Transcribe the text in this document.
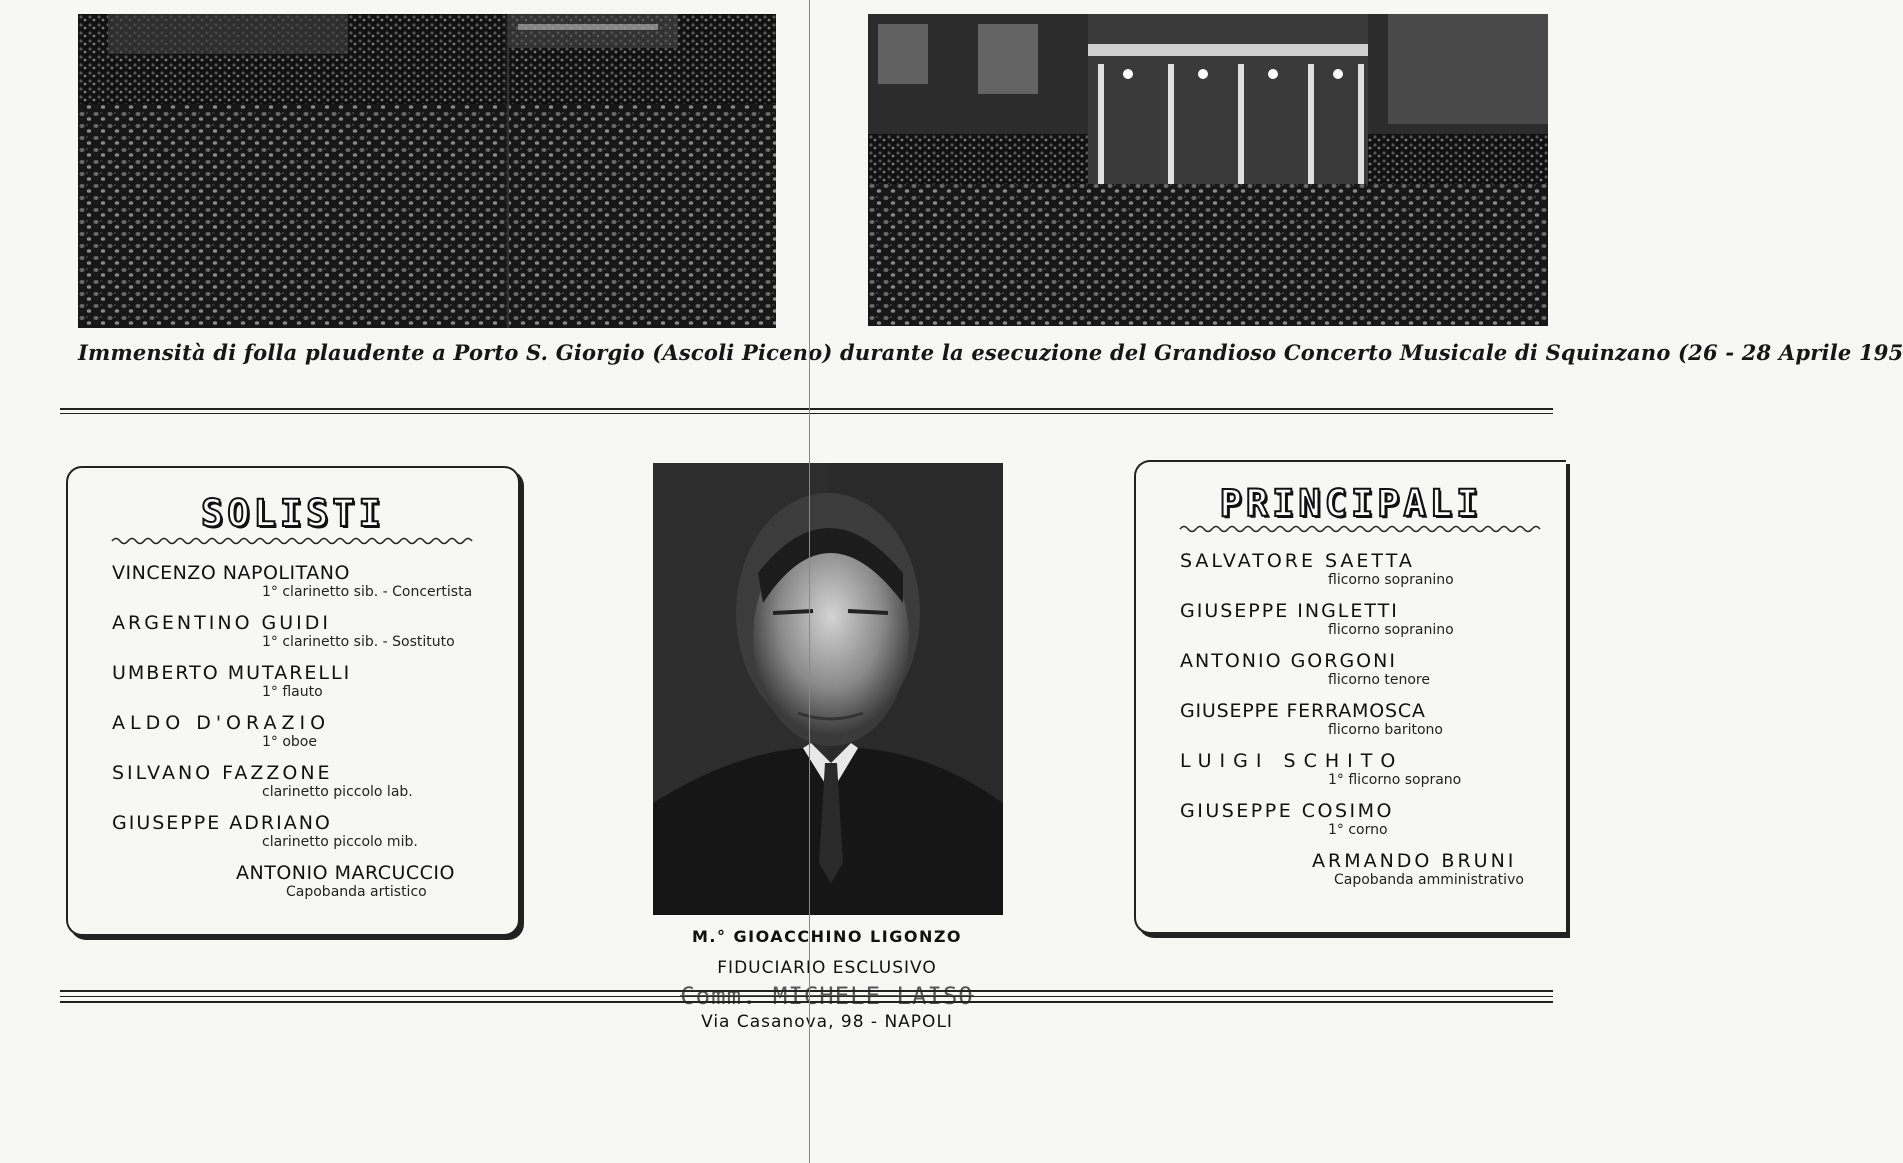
Immensità di folla plaudente a Porto S. Giorgio (Ascoli Piceno) durante la esecuzione del Grandioso Concerto Musicale di Squinzano (26 - 28 Aprile 195
SOLISTI
VINCENZO NAPOLITANO
1° clarinetto sib. - Concertista
ARGENTINO GUIDI
1° clarinetto sib. - Sostituto
UMBERTO MUTARELLI
1° flauto
ALDO D'ORAZIO
1° oboe
SILVANO FAZZONE
clarinetto piccolo lab.
GIUSEPPE ADRIANO
clarinetto piccolo mib.
ANTONIO MARCUCCIO
Capobanda artistico
M.° GIOACCHINO LIGONZO
FIDUCIARIO ESCLUSIVO
Comm. MICHELE LAISO
Via Casanova, 98 - NAPOLI
PRINCIPALI
SALVATORE SAETTA
flicorno sopranino
GIUSEPPE INGLETTI
flicorno sopranino
ANTONIO GORGONI
flicorno tenore
GIUSEPPE FERRAMOSCA
flicorno baritono
LUIGI SCHITO
1° flicorno soprano
GIUSEPPE COSIMO
1° corno
ARMANDO BRUNI
Capobanda amministrativo
